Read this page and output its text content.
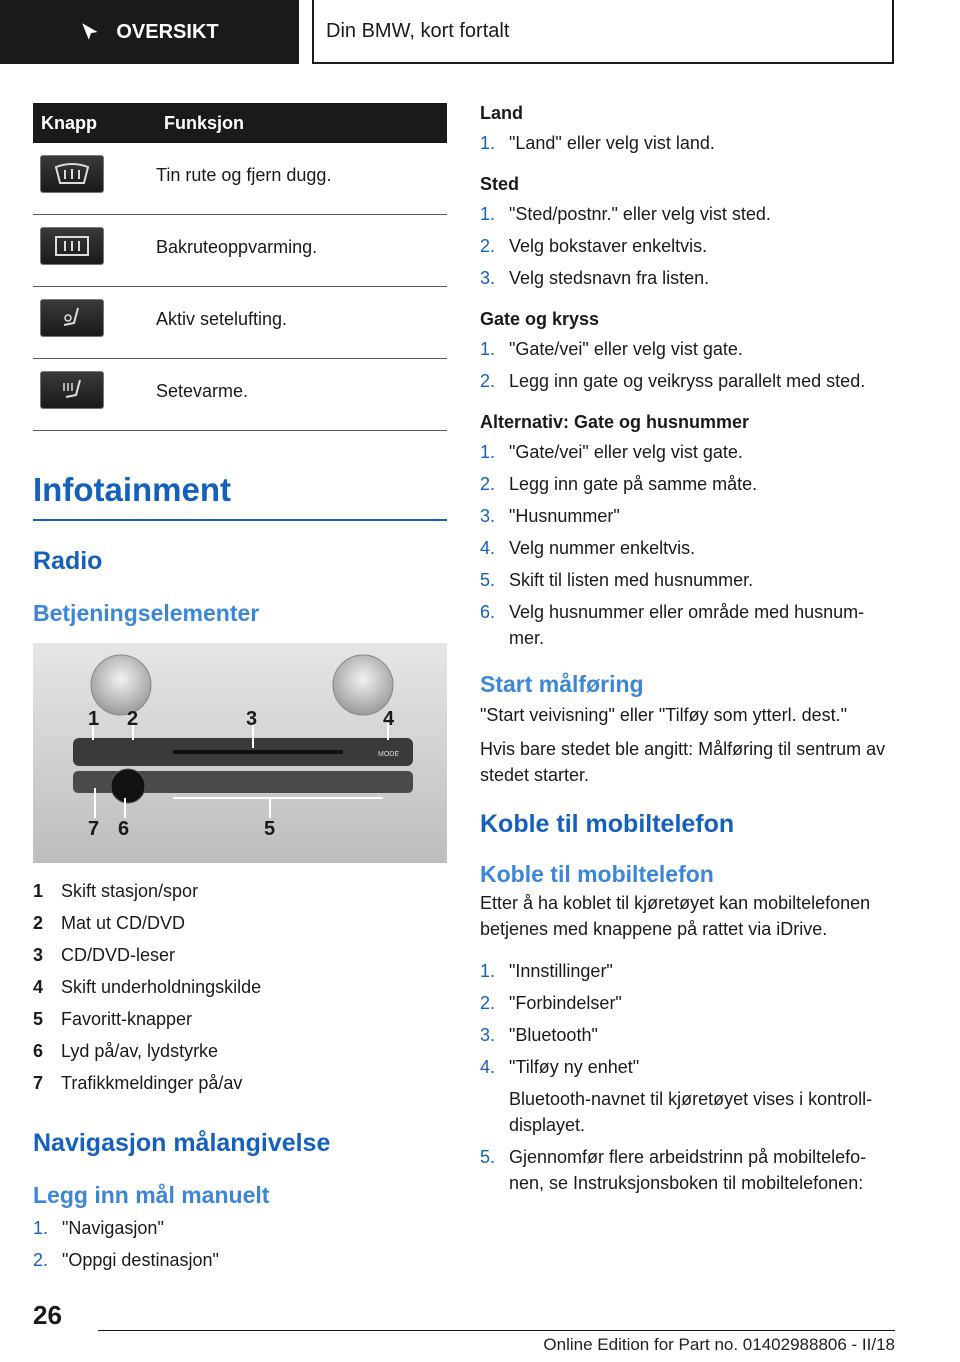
OVERSIKT	Din BMW, kort fortalt
Knapp	Funksjon

Tin rute og fjern dugg.

Bakruteoppvarming.

Aktiv setelufting.

Setevarme.
Infotainment
Radio
Betjeningselementer
1 2	3	4
5
6
7
MODE
1 Skift stasjon/spor
2 Mat ut CD/DVD
3 CD/DVD-leser
4 Skift underholdningskilde
5 Favoritt-knapper
6 Lyd på/av, lydstyrke
7 Trafikkmeldinger på/av
Navigasjon målangivelse
Legg inn mål manuelt
1. "Navigasjon"
2. "Oppgi destinasjon"
Land
1. "Land" eller velg vist land.
Sted
1. "Sted/postnr." eller velg vist sted.
2. Velg bokstaver enkeltvis.
3. Velg stedsnavn fra listen.
Gate og kryss
1. "Gate/vei" eller velg vist gate.
2. Legg inn gate og veikryss parallelt med sted.
Alternativ: Gate og husnummer
1. "Gate/vei" eller velg vist gate.
2. Legg inn gate på samme måte.
3. "Husnummer"
4. Velg nummer enkeltvis.
5. Skift til listen med husnummer.
6. Velg husnummer eller område med husnum-mer.
Start målføring
"Start veivisning" eller "Tilføy som ytterl. dest."
Hvis bare stedet ble angitt: Målføring til sentrum av stedet starter.
Koble til mobiltelefon
Koble til mobiltelefon
Etter å ha koblet til kjøretøyet kan mobiltelefonen betjenes med knappene på rattet via iDrive.
1. "Innstillinger"
2. "Forbindelser"
3. "Bluetooth"
4. "Tilføy ny enhet"
Bluetooth-navnet til kjøretøyet vises i kontroll-displayet.
5. Gjennomfør flere arbeidstrinn på mobiltelefo-nen, se Instruksjonsboken til mobiltelefonen:
26
Online Edition for Part no. 01402988806 - II/18
